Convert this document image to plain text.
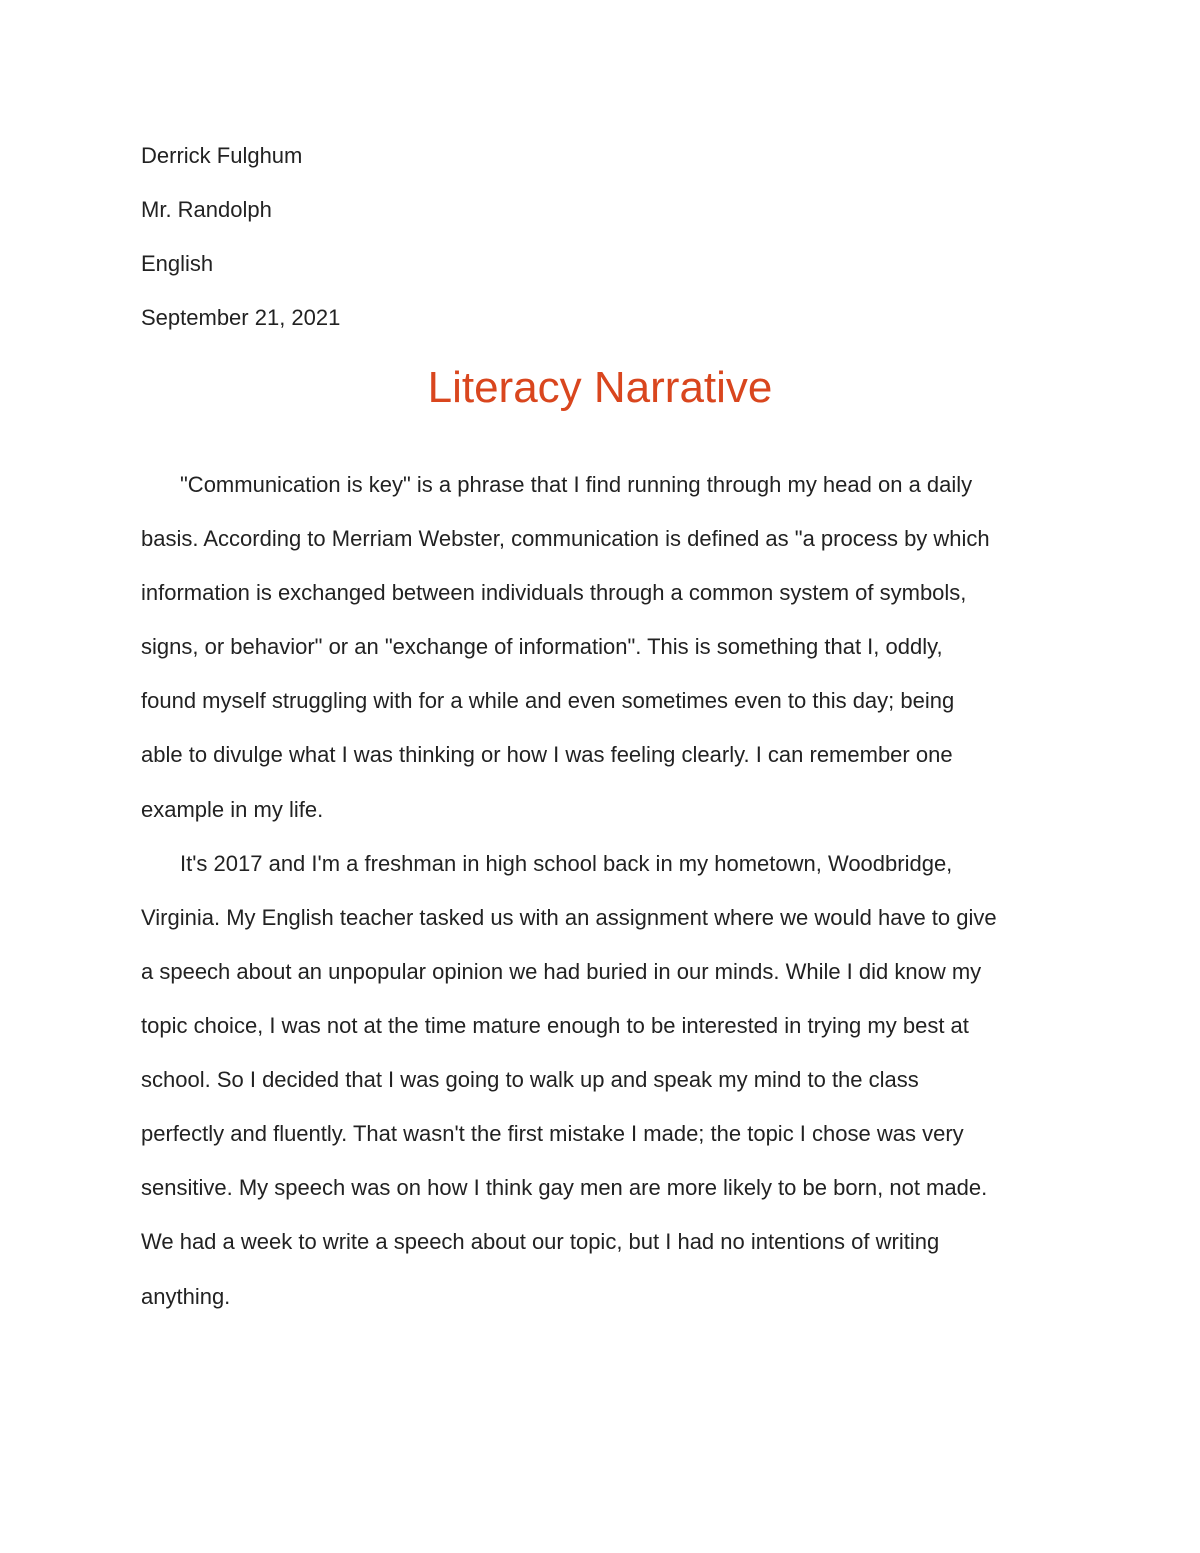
Derrick Fulghum
Mr. Randolph
English
September 21, 2021
Literacy Narrative
"Communication is key" is a phrase that I find running through my head on a daily
basis. According to Merriam Webster, communication is defined as "a process by which
information is exchanged between individuals through a common system of symbols,
signs, or behavior" or an "exchange of information". This is something that I, oddly,
found myself struggling with for a while and even sometimes even to this day; being
able to divulge what I was thinking or how I was feeling clearly. I can remember one
example in my life.
It's 2017 and I'm a freshman in high school back in my hometown, Woodbridge,
Virginia. My English teacher tasked us with an assignment where we would have to give
a speech about an unpopular opinion we had buried in our minds. While I did know my
topic choice, I was not at the time mature enough to be interested in trying my best at
school. So I decided that I was going to walk up and speak my mind to the class
perfectly and fluently. That wasn't the first mistake I made; the topic I chose was very
sensitive. My speech was on how I think gay men are more likely to be born, not made.
We had a week to write a speech about our topic, but I had no intentions of writing
anything.
